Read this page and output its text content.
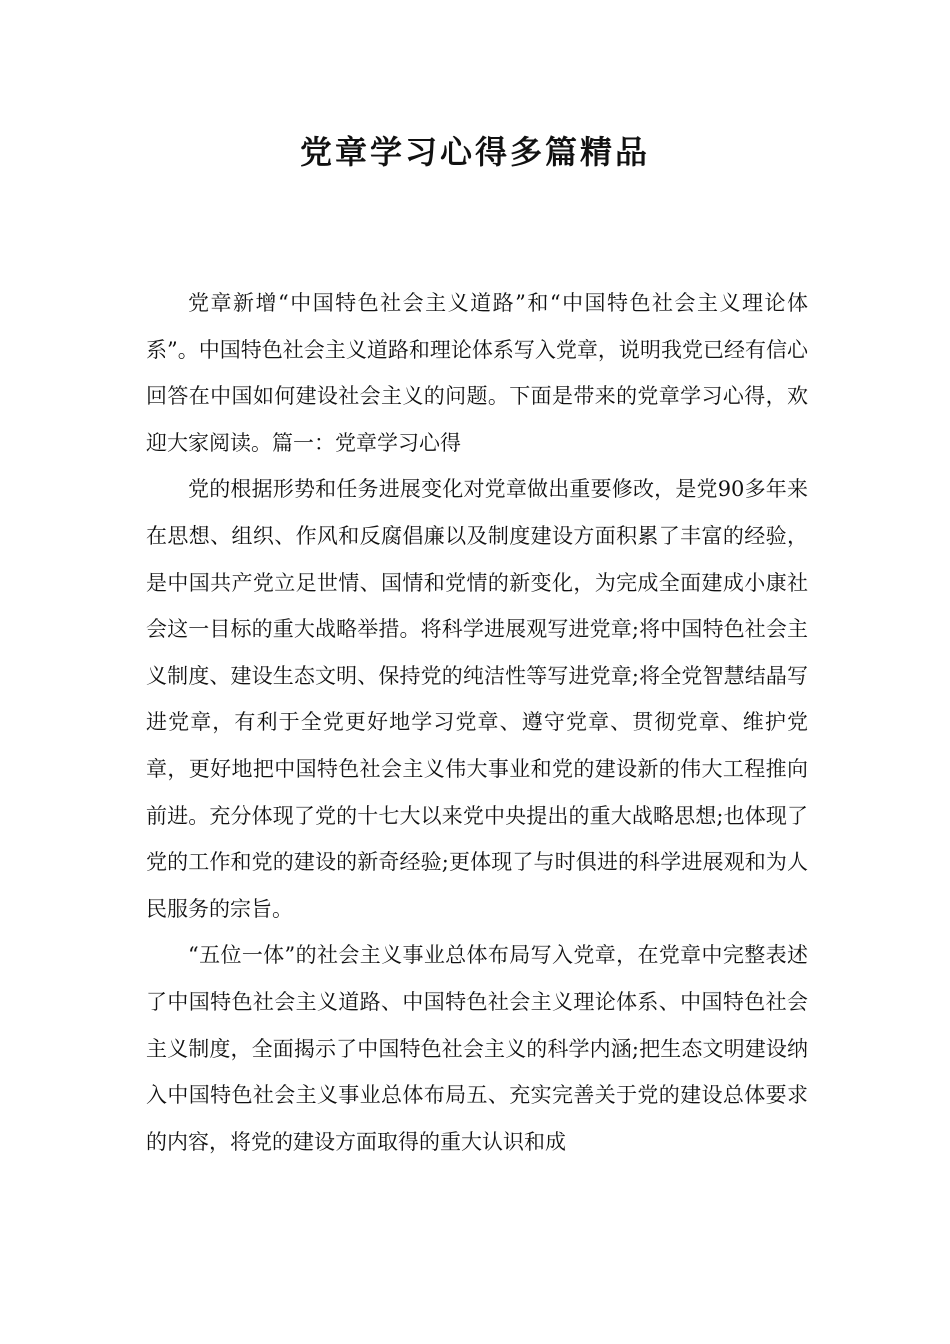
党章学习心得多篇精品

党章新增“中国特色社会主义道路”和“中国特色社会主义理论体系”。中国特色社会主义道路和理论体系写入党章，说明我党已经有信心回答在中国如何建设社会主义的问题。下面是带来的党章学习心得，欢迎大家阅读。篇一：党章学习心得

党的根据形势和任务进展变化对党章做出重要修改，是党90多年来在思想、组织、作风和反腐倡廉以及制度建设方面积累了丰富的经验，是中国共产党立足世情、国情和党情的新变化，为完成全面建成小康社会这一目标的重大战略举措。将科学进展观写进党章;将中国特色社会主义制度、建设生态文明、保持党的纯洁性等写进党章;将全党智慧结晶写进党章，有利于全党更好地学习党章、遵守党章、贯彻党章、维护党章，更好地把中国特色社会主义伟大事业和党的建设新的伟大工程推向前进。充分体现了党的十七大以来党中央提出的重大战略思想;也体现了党的工作和党的建设的新奇经验;更体现了与时俱进的科学进展观和为人民服务的宗旨。

“五位一体”的社会主义事业总体布局写入党章，在党章中完整表述了中国特色社会主义道路、中国特色社会主义理论体系、中国特色社会主义制度，全面揭示了中国特色社会主义的科学内涵;把生态文明建设纳入中国特色社会主义事业总体布局五、充实完善关于党的建设总体要求的内容，将党的建设方面取得的重大认识和成
